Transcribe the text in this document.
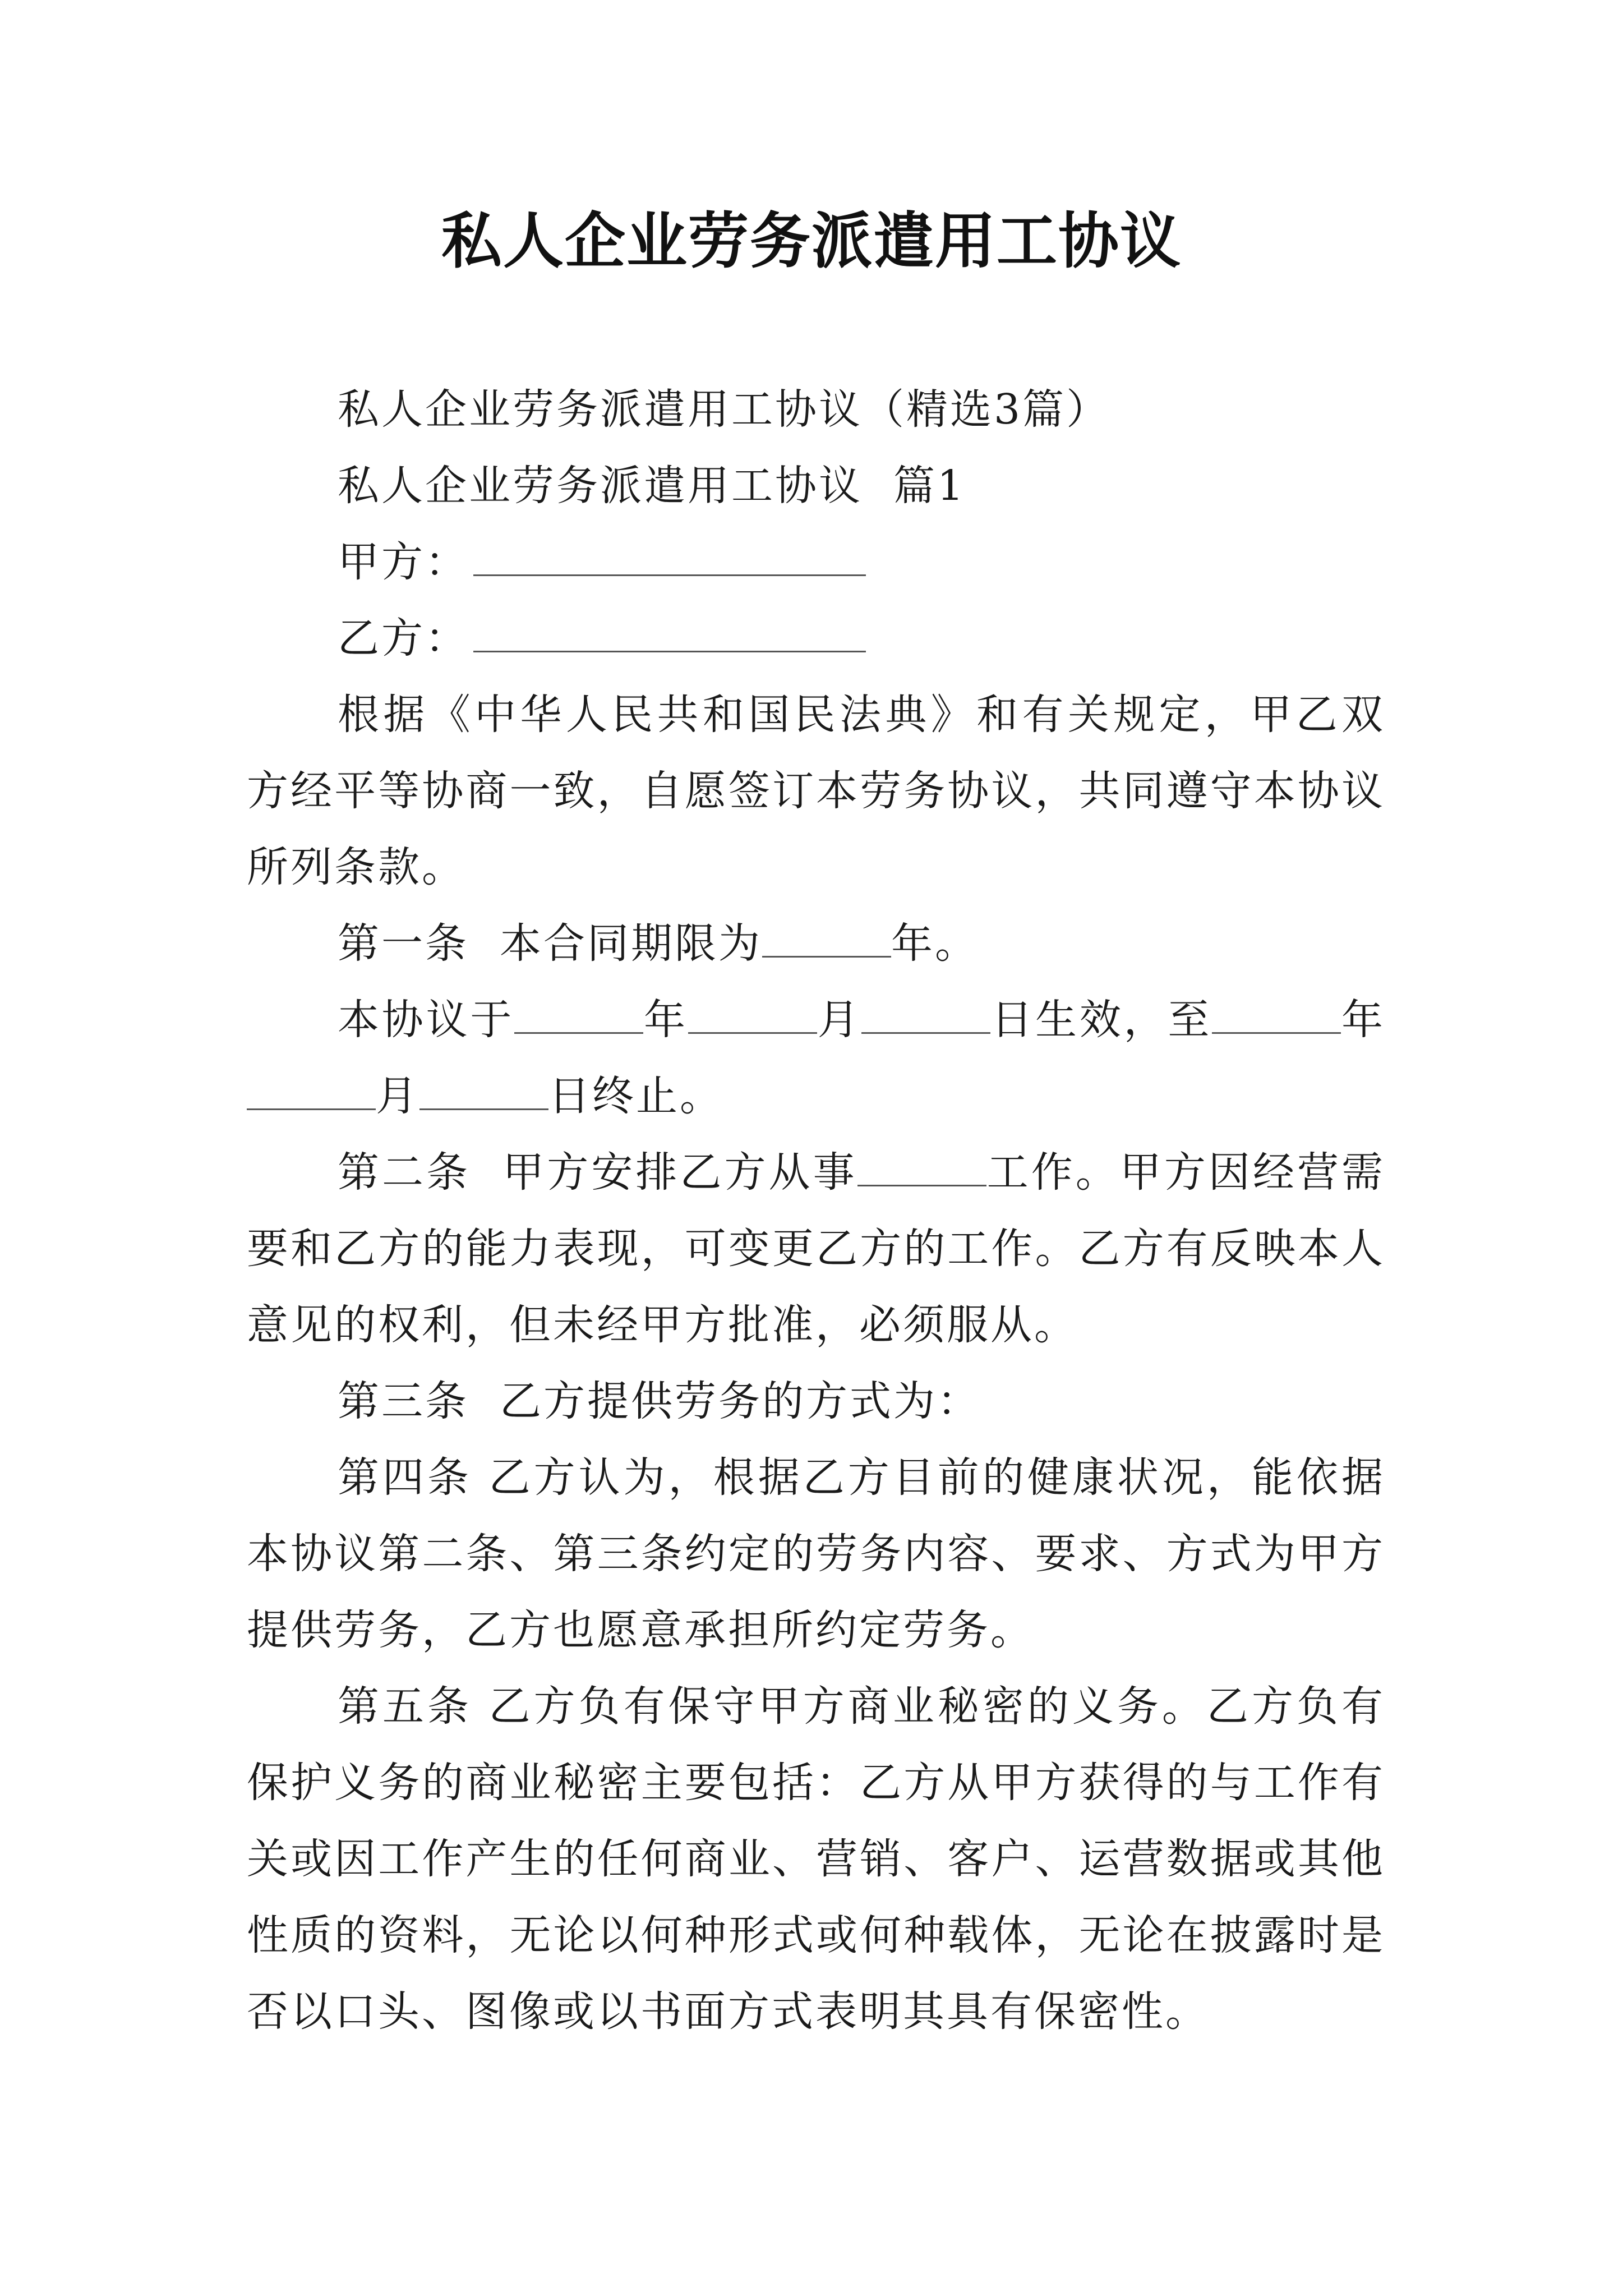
私人企业劳务派遣用工协议

私人企业劳务派遣用工协议（精选3篇）

私人企业劳务派遣用工协议  篇1

甲方：

乙方：

根据《中华人民共和国民法典》和有关规定，甲乙双方经平等协商一致，自愿签订本劳务协议，共同遵守本协议所列条款。

第一条  本合同期限为	年。

本协议于	年	月	日生效，至	年月	日终止。

第二条  甲方安排乙方从事	工作。甲方因经营需要和乙方的能力表现，可变更乙方的工作。乙方有反映本人意见的权利，但未经甲方批准，必须服从。

第三条  乙方提供劳务的方式为：

第四条 乙方认为，根据乙方目前的健康状况，能依据本协议第二条、第三条约定的劳务内容、要求、方式为甲方提供劳务，乙方也愿意承担所约定劳务。

第五条 乙方负有保守甲方商业秘密的义务。乙方负有保护义务的商业秘密主要包括：乙方从甲方获得的与工作有关或因工作产生的任何商业、营销、客户、运营数据或其他性质的资料，无论以何种形式或何种载体，无论在披露时是否以口头、图像或以书面方式表明其具有保密性。
